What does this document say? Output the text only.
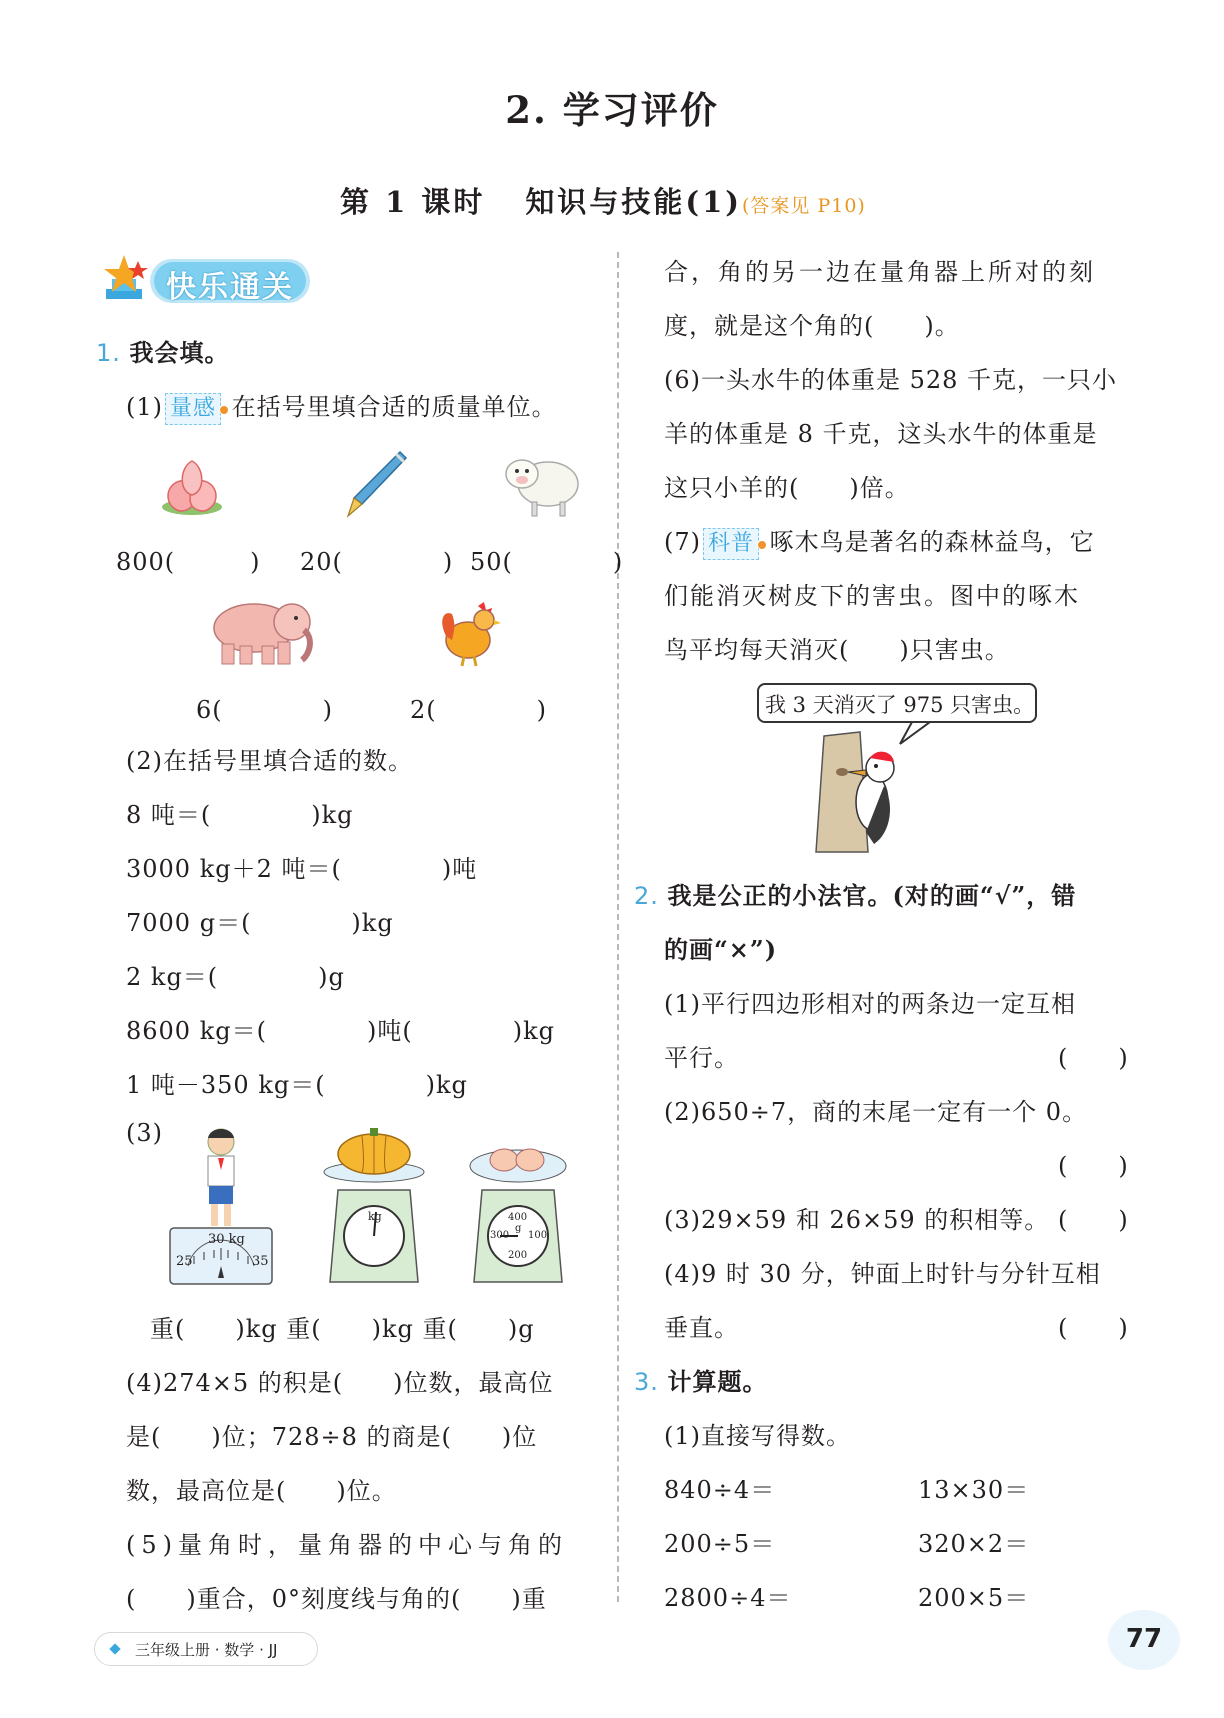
2. 学习评价
第 1 课时 知识与技能(1)(答案见 P10)
快乐通关
1. 我会填。
(1) 量感 在括号里填合适的质量单位。
800(　　　) 20(　　　　) 50(　　　　)
6(　　　　)	2(　　　　)
(2)在括号里填合适的数。
8 吨＝(　　　　)kg
3000 kg＋2 吨＝(　　　　)吨
7000 g＝(　　　　)kg
2 kg＝(　　　　)g
8600 kg＝(　　　　)吨(　　　　)kg
1 吨－350 kg＝(　　　　)kg
(3)
30 kg
25	35
kg	400
g
300 100
200
重(　　)kg 重(　　)kg 重(　　)g
(4)274×5 的积是(　　)位数，最高位
是(　　)位；728÷8 的商是(　　)位
数，最高位是(　　)位。
(5)量角时，量角器的中心与角的
(　　)重合，0°刻度线与角的(　　)重
合，角的另一边在量角器上所对的刻
度，就是这个角的(　　)。
(6)一头水牛的体重是 528 千克，一只小
羊的体重是 8 千克，这头水牛的体重是
这只小羊的(　　)倍。
(7) 科普 啄木鸟是著名的森林益鸟，它
们能消灭树皮下的害虫。图中的啄木
鸟平均每天消灭(　　)只害虫。
我 3 天消灭了 975 只害虫。
2. 我是公正的小法官。(对的画“√”，错
的画“×”)
(1)平行四边形相对的两条边一定互相
平行。	(　　)
(2)650÷7，商的末尾一定有一个 0。
(　　)
(3)29×59 和 26×59 的积相等。 (　　)
(4)9 时 30 分，钟面上时针与分针互相
垂直。	(　　)
3. 计算题。
(1)直接写得数。
840÷4＝	13×30＝
200÷5＝	320×2＝
2800÷4＝	200×5＝
三年级上册 · 数学 · JJ	77
